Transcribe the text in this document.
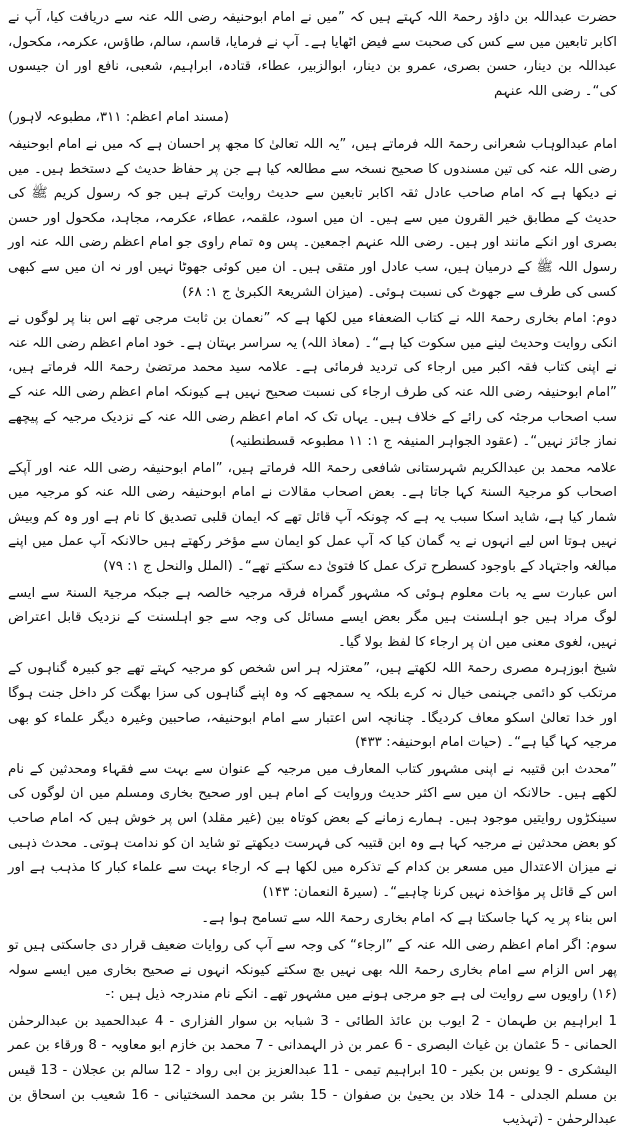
حضرت عبداللہ بن داؤد رحمۃ اللہ کہتے ہیں کہ ”میں نے امام ابوحنیفہ رضی اللہ عنہ سے دریافت کیا، آپ نے اکابر تابعین میں سے کس کی صحبت سے فیض اٹھایا ہے۔ آپ نے فرمایا، قاسم، سالم، طاؤس، عکرمہ، مکحول، عبداللہ بن دینار، حسن بصری، عمرو بن دینار، ابوالزبیر، عطاء، قتادہ، ابراہیم، شعبی، نافع اور ان جیسوں کی“۔ رضی اللہ عنہم

(مسند امام اعظم: ۳۱۱، مطبوعہ لاہور)

امام عبدالوہاب شعرانی رحمۃ اللہ فرماتے ہیں، ”یہ اللہ تعالیٰ کا مجھ پر احسان ہے کہ میں نے امام ابوحنیفہ رضی اللہ عنہ کی تین مسندوں کا صحیح نسخہ سے مطالعہ کیا ہے جن پر حفاظ حدیث کے دستخط ہیں۔ میں نے دیکھا ہے کہ امام صاحب عادل ثقہ اکابر تابعین سے حدیث روایت کرتے ہیں جو کہ رسول کریم ﷺ کی حدیث کے مطابق خیر القرون میں سے ہیں۔ ان میں اسود، علقمہ، عطاء، عکرمہ، مجاہد، مکحول اور حسن بصری اور انکے مانند اور ہیں۔ رضی اللہ عنہم اجمعین۔ پس وہ تمام راوی جو امام اعظم رضی اللہ عنہ اور رسول اللہ ﷺ کے درمیان ہیں، سب عادل اور متقی ہیں۔ ان میں کوئی جھوٹا نہیں اور نہ ان میں سے کبھی کسی کی طرف سے جھوٹ کی نسبت ہوئی۔ (میزان الشریعۃ الکبریٰ ج ۱: ۶۸)

دوم: امام بخاری رحمۃ اللہ نے کتاب الضعفاء میں لکھا ہے کہ ”نعمان بن ثابت مرجی تھے اس بنا پر لوگوں نے انکی روایت وحدیث لینے میں سکوت کیا ہے“۔ (معاذ اللہ) یہ سراسر بہتان ہے۔ خود امام اعظم رضی اللہ عنہ نے اپنی کتاب فقہ اکبر میں ارجاء کی تردید فرمائی ہے۔ علامہ سید محمد مرتضیٰ رحمۃ اللہ فرماتے ہیں، ”امام ابوحنیفہ رضی اللہ عنہ کی طرف ارجاء کی نسبت صحیح نہیں ہے کیونکہ امام اعظم رضی اللہ عنہ کے سب اصحاب مرجئہ کی رائے کے خلاف ہیں۔ یہاں تک کہ امام اعظم رضی اللہ عنہ کے نزدیک مرجیہ کے پیچھے نماز جائز نہیں“۔ (عقود الجواہر المنیفہ ج ۱: ۱۱ مطبوعہ قسطنطنیہ)

علامہ محمد بن عبدالکریم شہرستانی شافعی رحمۃ اللہ فرماتے ہیں، ”امام ابوحنیفہ رضی اللہ عنہ اور آپکے اصحاب کو مرجیۃ السنۃ کہا جاتا ہے۔ بعض اصحاب مقالات نے امام ابوحنیفہ رضی اللہ عنہ کو مرجیہ میں شمار کیا ہے، شاید اسکا سبب یہ ہے کہ چونکہ آپ قائل تھے کہ ایمان قلبی تصدیق کا نام ہے اور وہ کم وبیش نہیں ہوتا اس لیے انہوں نے یہ گمان کیا کہ آپ عمل کو ایمان سے مؤخر رکھتے ہیں حالانکہ آپ عمل میں اپنے مبالغہ واجتہاد کے باوجود کسطرح ترک عمل کا فتویٰ دے سکتے تھے“۔ (الملل والنحل ج ۱: ۷۹)

اس عبارت سے یہ بات معلوم ہوئی کہ مشہور گمراہ فرقہ مرجیہ خالصہ ہے جبکہ مرجیۃ السنۃ سے ایسے لوگ مراد ہیں جو اہلسنت ہیں مگر بعض ایسے مسائل کی وجہ سے جو اہلسنت کے نزدیک قابل اعتراض نہیں، لغوی معنی میں ان پر ارجاء کا لفظ بولا گیا۔

شیخ ابوزہرہ مصری رحمۃ اللہ لکھتے ہیں، ”معتزلہ ہر اس شخص کو مرجیہ کہتے تھے جو کبیرہ گناہوں کے مرتکب کو دائمی جہنمی خیال نہ کرے بلکہ یہ سمجھے کہ وہ اپنے گناہوں کی سزا بھگت کر داخل جنت ہوگا اور خدا تعالیٰ اسکو معاف کردیگا۔ چنانچہ اس اعتبار سے امام ابوحنیفہ، صاحبین وغیرہ دیگر علماء کو بھی مرجیہ کہا گیا ہے“۔ (حیات امام ابوحنیفہ: ۴۳۳)

”محدث ابن قتیبہ نے اپنی مشہور کتاب المعارف میں مرجیہ کے عنوان سے بہت سے فقہاء ومحدثین کے نام لکھے ہیں۔ حالانکہ ان میں سے اکثر حدیث وروایت کے امام ہیں اور صحیح بخاری ومسلم میں ان لوگوں کی سینکڑوں روایتیں موجود ہیں۔ ہمارے زمانے کے بعض کوتاہ بین (غیر مقلد) اس پر خوش ہیں کہ امام صاحب کو بعض محدثین نے مرجیہ کہا ہے وہ ابن قتیبہ کی فہرست دیکھتے تو شاید ان کو ندامت ہوتی۔ محدث ذہبی نے میزان الاعتدال میں مسعر بن کدام کے تذکرہ میں لکھا ہے کہ ارجاء بہت سے علماء کبار کا مذہب ہے اور اس کے قائل پر مؤاخذہ نہیں کرنا چاہیے“۔ (سیرۃ النعمان: ۱۴۳)

اس بناء پر یہ کہا جاسکتا ہے کہ امام بخاری رحمۃ اللہ سے تسامح ہوا ہے۔

سوم: اگر امام اعظم رضی اللہ عنہ کے ”ارجاء“ کی وجہ سے آپ کی روایات ضعیف قرار دی جاسکتی ہیں تو پھر اس الزام سے امام بخاری رحمۃ اللہ بھی نہیں بچ سکتے کیونکہ انہوں نے صحیح بخاری میں ایسے سولہ (۱۶) راویوں سے روایت لی ہے جو مرجی ہونے میں مشہور تھے۔ انکے نام مندرجہ ذیل ہیں :-

1 ابراہیم بن طہمان - 2 ایوب بن عائذ الطائی - 3 شبابہ بن سوار الفزاری - 4 عبدالحمید بن عبدالرحمٰن الحمانی - 5 عثمان بن غیاث البصری - 6 عمر بن ذر الہمدانی - 7 محمد بن خازم ابو معاویہ - 8 ورقاء بن عمر الیشکری - 9 یونس بن بکیر - 10 ابراہیم تیمی - 11 عبدالعزیز بن ابی رواد - 12 سالم بن عجلان - 13 قیس بن مسلم الجدلی - 14 خلاد بن یحییٰ بن صفوان - 15 بشر بن محمد السختیانی - 16 شعیب بن اسحاق بن عبدالرحمٰن - (تہذیب
